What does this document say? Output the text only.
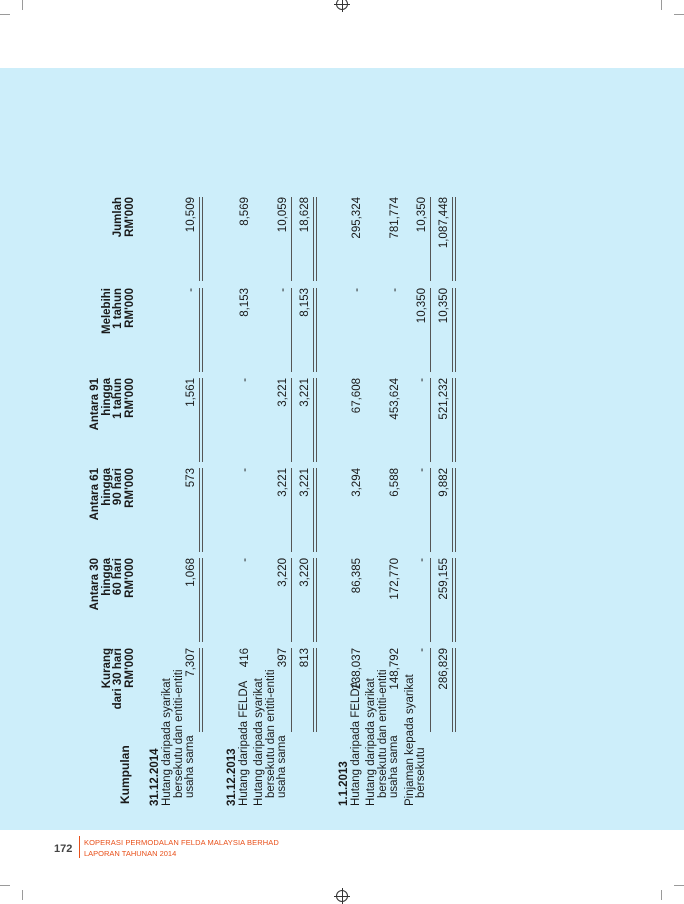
Kumpulan
Kurang dari 30 hari RM'000
Antara 30 hingga 60 hari RM'000
Antara 61 hingga 90 hari RM'000
Antara 91 hingga 1 tahun RM'000
Melebihi 1 tahun RM'000
Jumlah RM'000
31.12.2014 Hutang daripada syarikat bersekutu dan entiti-entiti usaha sama
7,307
1,068
573
1,561
-
10,509
31.12.2013 Hutang daripada FELDA
416
-
-
-
8,153
8,569
Hutang daripada syarikat bersekutu dan entiti-entiti usaha sama
397
3,220
3,221
3,221
-
10,059
813
3,220
3,221
3,221
8,153
18,628
1.1.2013 Hutang daripada FELDA
138,037
86,385
3,294
67,608
-
295,324
Hutang daripada syarikat bersekutu dan entiti-entiti usaha sama
148,792
172,770
6,588
453,624
-
781,774
Pinjaman kepada syarikat bersekutu
-
-
-
-
10,350
10,350
286,829
259,155
9,882
521,232
10,350
1,087,448
172
KOPERASI PERMODALAN FELDA MALAYSIA BERHAD
LAPORAN TAHUNAN 2014
